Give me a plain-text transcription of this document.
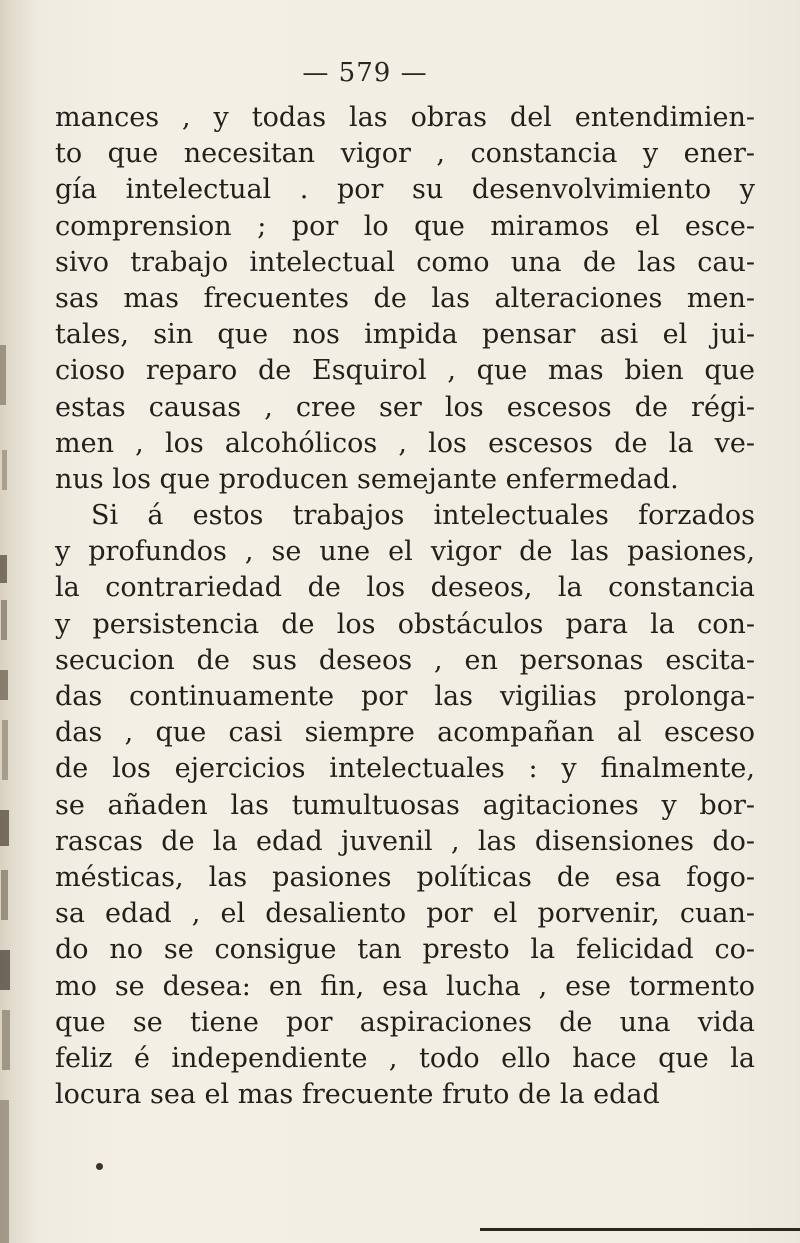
— 579 —
mances , y todas las obras del entendimien-
to que necesitan vigor , constancia y ener-
gía intelectual . por su desenvolvimiento y
comprension ; por lo que miramos el esce-
sivo trabajo intelectual como una de las cau-
sas mas frecuentes de las alteraciones men-
tales, sin que nos impida pensar asi el jui-
cioso reparo de Esquirol , que mas bien que
estas causas , cree ser los escesos de régi-
men , los alcohólicos , los escesos de la ve-
nus los que producen semejante enfermedad.
Si á estos trabajos intelectuales forzados
y profundos , se une el vigor de las pasiones,
la contrariedad de los deseos, la constancia
y persistencia de los obstáculos para la con-
secucion de sus deseos , en personas escita-
das continuamente por las vigilias prolonga-
das , que casi siempre acompañan al esceso
de los ejercicios intelectuales : y finalmente,
se añaden las tumultuosas agitaciones y bor-
rascas de la edad juvenil , las disensiones do-
mésticas, las pasiones políticas de esa fogo-
sa edad , el desaliento por el porvenir, cuan-
do no se consigue tan presto la felicidad co-
mo se desea: en fin, esa lucha , ese tormento
que se tiene por aspiraciones de una vida
feliz é independiente , todo ello hace que la
locura sea el mas frecuente fruto de la edad
